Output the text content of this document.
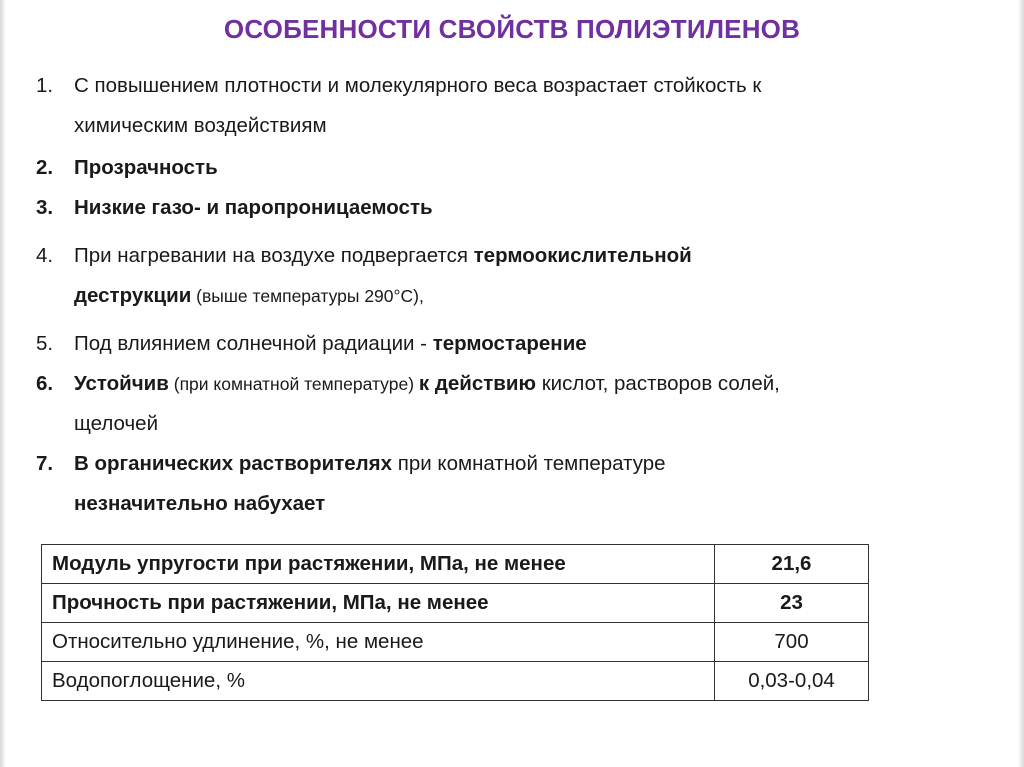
ОСОБЕННОСТИ СВОЙСТВ ПОЛИЭТИЛЕНОВ
1. С повышением плотности и молекулярного веса возрастает стойкость к
химическим воздействиям
2. Прозрачность
3. Низкие газо- и паропроницаемость
4. При нагревании на воздухе подвергается термоокислительной
деструкции (выше температуры 290°С),
5. Под влиянием солнечной радиации - термостарение
6. Устойчив (при комнатной температуре) к действию кислот, растворов солей,
щелочей
7. В органических растворителях при комнатной температуре
незначительно набухает
Модуль упругости при растяжении, МПа, не менее	21,6
Прочность при растяжении, МПа, не менее	23
Относительно удлинение, %, не менее	700
Водопоглощение, %	0,03-0,04
